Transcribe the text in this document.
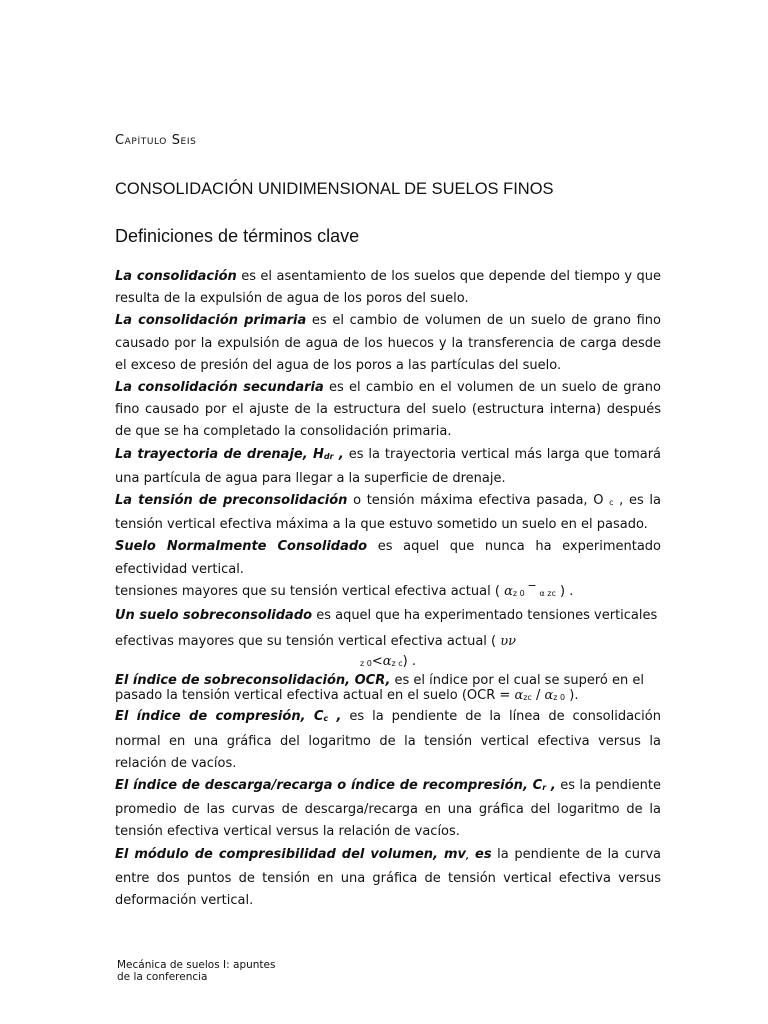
Capítulo Seis
CONSOLIDACIÓN UNIDIMENSIONAL DE SUELOS FINOS
Definiciones de términos clave

La consolidación es el asentamiento de los suelos que depende del tiempo y que resulta de la expulsión de agua de los poros del suelo.

La consolidación primaria es el cambio de volumen de un suelo de grano fino causado por la expulsión de agua de los huecos y la transferencia de carga desde el exceso de presión del agua de los poros a las partículas del suelo.

La consolidación secundaria es el cambio en el volumen de un suelo de grano fino causado por el ajuste de la estructura del suelo (estructura interna) después de que se ha completado la consolidación primaria.

La trayectoria de drenaje, Hdr , es la trayectoria vertical más larga que tomará una partícula de agua para llegar a la superficie de drenaje.

La tensión de preconsolidación o tensión máxima efectiva pasada, O c , es la tensión vertical efectiva máxima a la que estuvo sometido un suelo en el pasado.

Suelo Normalmente Consolidado es aquel que nunca ha experimentado efectividad vertical.

tensiones mayores que su tensión vertical efectiva actual ( αz 0 ‾ α zc ) .

Un suelo sobreconsolidado es aquel que ha experimentado tensiones verticales

efectivas mayores que su tensión vertical efectiva actual ( υν

z 0<αz c) .

El índice de sobreconsolidación, OCR, es el índice por el cual se superó en el

pasado la tensión vertical efectiva actual en el suelo (OCR = αzc / αz 0 ).

El índice de compresión, Cc , es la pendiente de la línea de consolidación normal en una gráfica del logaritmo de la tensión vertical efectiva versus la relación de vacíos.

El índice de descarga/recarga o índice de recompresión, Cr , es la pendiente promedio de las curvas de descarga/recarga en una gráfica del logaritmo de la tensión efectiva vertical versus la relación de vacíos.

El módulo de compresibilidad del volumen, mv, es la pendiente de la curva entre dos puntos de tensión en una gráfica de tensión vertical efectiva versus deformación vertical.

Mecánica de suelos I: apuntes
de la conferencia
